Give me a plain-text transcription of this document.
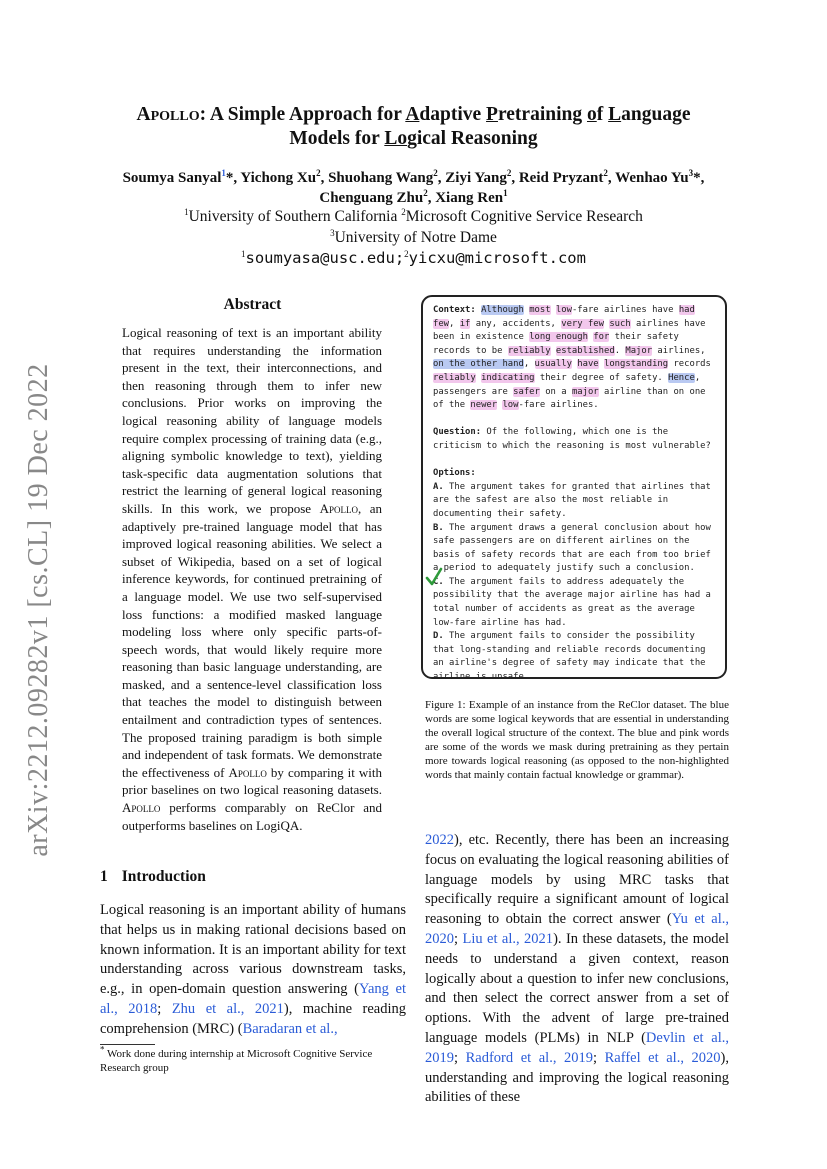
arXiv:2212.09282v1 [cs.CL] 19 Dec 2022
Apollo: A Simple Approach for Adaptive Pretraining of Language
Models for Logical Reasoning
Soumya Sanyal$^1$*, Yichong Xu$^2$, Shuohang Wang$^2$, Ziyi Yang$^2$, Reid Pryzant$^2$, Wenhao Yu$^3$*,
Chenguang Zhu$^2$, Xiang Ren$^1$
$^1$University of Southern California $^2$Microsoft Cognitive Service Research
$^3$University of Notre Dame
$^1$soumyasa@usc.edu;$^2$yicxu@microsoft.com
Abstract
Logical reasoning of text is an important ability that requires understanding the information present in the text, their interconnections, and then reasoning through them to infer new conclusions. Prior works on improving the logical reasoning ability of language models require complex processing of training data (e.g., aligning symbolic knowledge to text), yielding task-specific data augmentation solutions that restrict the learning of general logical reasoning skills. In this work, we propose Apollo, an adaptively pre-trained language model that has improved logical reasoning abilities. We select a subset of Wikipedia, based on a set of logical inference keywords, for continued pretraining of a language model. We use two self-supervised loss functions: a modified masked language modeling loss where only specific parts-of-speech words, that would likely require more reasoning than basic language understanding, are masked, and a sentence-level classification loss that teaches the model to distinguish between entailment and contradiction types of sentences. The proposed training paradigm is both simple and independent of task formats. We demonstrate the effectiveness of Apollo by comparing it with prior baselines on two logical reasoning datasets. Apollo performs comparably on ReClor and outperforms baselines on LogiQA.
1 Introduction
Logical reasoning is an important ability of humans that helps us in making rational decisions based on known information. It is an important ability for text understanding across various downstream tasks, e.g., in open-domain question answering (Yang et al., 2018; Zhu et al., 2021), machine reading comprehension (MRC) (Baradaran et al.,
2022), etc. Recently, there has been an increasing focus on evaluating the logical reasoning abilities of language models by using MRC tasks that specifically require a significant amount of logical reasoning to obtain the correct answer (Yu et al., 2020; Liu et al., 2021). In these datasets, the model needs to understand a given context, reason logically about a question to infer new conclusions, and then select the correct answer from a set of options. With the advent of large pre-trained language models (PLMs) in NLP (Devlin et al., 2019; Radford et al., 2019; Raffel et al., 2020), understanding and improving the logical reasoning abilities of these
* Work done during internship at Microsoft Cognitive Service Research group
Context: Although most low-fare airlines have had
few, if any, accidents, very few such airlines have
been in existence long enough for their safety
records to be reliably established. Major airlines,
on the other hand, usually have longstanding records
reliably indicating their degree of safety. Hence,
passengers are safer on a major airline than on one
of the newer low-fare airlines.
Question: Of the following, which one is the
criticism to which the reasoning is most vulnerable?
Options:
A. The argument takes for granted that airlines that
are the safest are also the most reliable in
documenting their safety.
B. The argument draws a general conclusion about how
safe passengers are on different airlines on the
basis of safety records that are each from too brief
a period to adequately justify such a conclusion.
C. The argument fails to address adequately the
possibility that the average major airline has had a
total number of accidents as great as the average
low-fare airline has had.
D. The argument fails to consider the possibility
that long-standing and reliable records documenting
an airline's degree of safety may indicate that the
airline is unsafe.
Figure 1: Example of an instance from the ReClor dataset. The blue words are some logical keywords that are essential in understanding the overall logical structure of the context. The blue and pink words are some of the words we mask during pretraining as they pertain more towards logical reasoning (as opposed to the non-highlighted words that mainly contain factual knowledge or grammar).
